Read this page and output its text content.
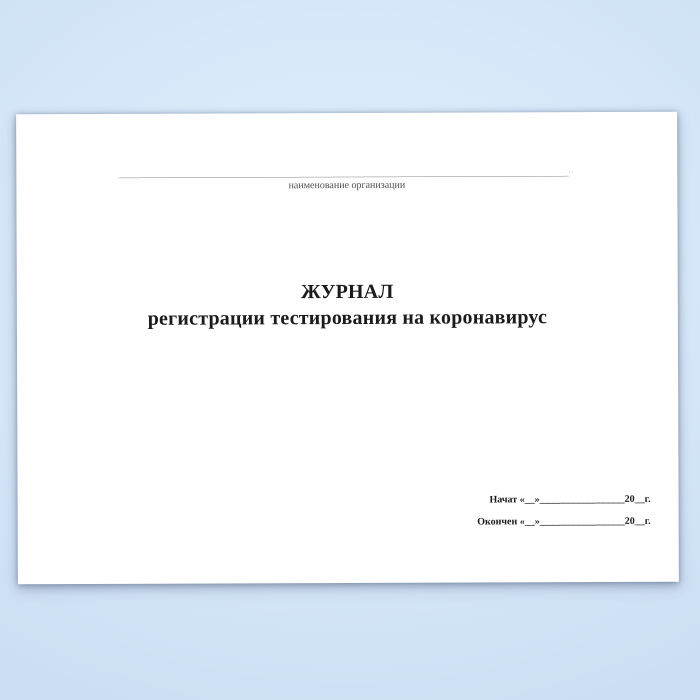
__________________________________________________________________________________________..
наименование организации
ЖУРНАЛ
регистрации тестирования на коронавирус
Начат «__»_________________20__г.
Окончен «__»_________________20__г.
